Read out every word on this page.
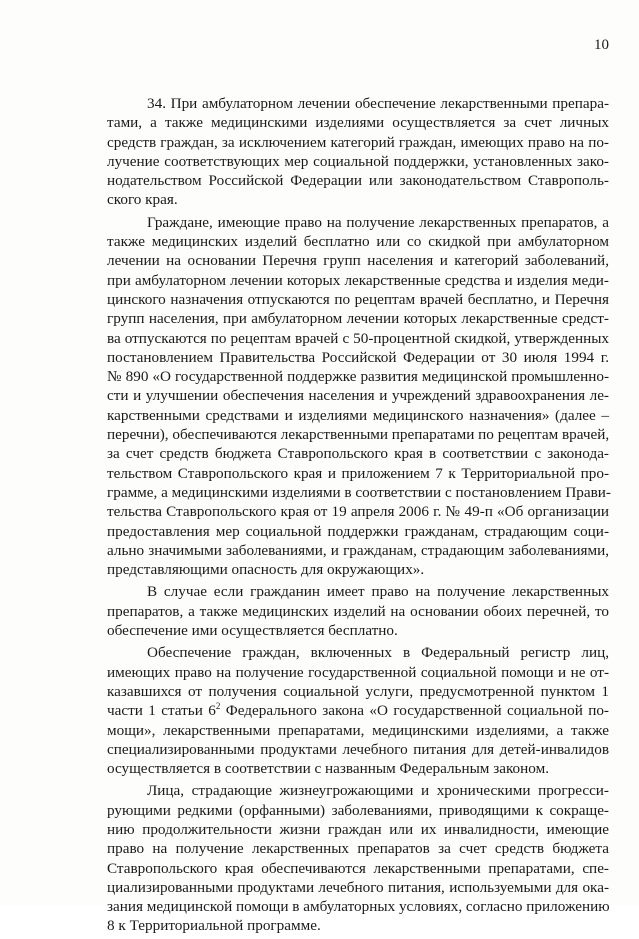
10
34. При амбулаторном лечении обеспечение лекарственными препара-
тами, а также медицинскими изделиями осуществляется за счет личных
средств граждан, за исключением категорий граждан, имеющих право на по-
лучение соответствующих мер социальной поддержки, установленных зако-
нодательством Российской Федерации или законодательством Ставрополь-
ского края.
Гражданe, имеющие право на получение лекарственных препаратов, а
также медицинских изделий бесплатно или со скидкой при амбулаторном
лечении на основании Перечня групп населения и категорий заболеваний,
при амбулаторном лечении которых лекарственные средства и изделия меди-
цинского назначения отпускаются по рецептам врачей бесплатно, и Перечня
групп населения, при амбулаторном лечении которых лекарственные средст-
ва отпускаются по рецептам врачей с 50-процентной скидкой, утвержденных
постановлением Правительства Российской Федерации от 30 июля 1994 г.
№ 890 «О государственной поддержке развития медицинской промышленно-
сти и улучшении обеспечения населения и учреждений здравоохранения ле-
карственными средствами и изделиями медицинского назначения» (далее –
перечни), обеспечиваются лекарственными препаратами по рецептам врачей,
за счет средств бюджета Ставропольского края в соответствии с законода-
тельством Ставропольского края и приложением 7 к Территориальной про-
грамме, а медицинскими изделиями в соответствии с постановлением Прави-
тельства Ставропольского края от 19 апреля 2006 г. № 49-п «Об организации
предоставления мер социальной поддержки гражданам, страдающим соци-
ально значимыми заболеваниями, и гражданам, страдающим заболеваниями,
представляющими опасность для окружающих».
В случае если гражданин имеет право на получение лекарственных
препаратов, а также медицинских изделий на основании обоих перечней, то
обеспечение ими осуществляется бесплатно.
Обеспечение граждан, включенных в Федеральный регистр лиц,
имеющих право на получение государственной социальной помощи и не от-
казавшихся от получения социальной услуги, предусмотренной пунктом 1
части 1 статьи $6^2$ Федерального закона «О государственной социальной по-
мощи», лекарственными препаратами, медицинскими изделиями, а также
специализированными продуктами лечебного питания для детей-инвалидов
осуществляется в соответствии с названным Федеральным законом.
Лица, страдающие жизнеугрожающими и хроническими прогресси-
рующими редкими (орфанными) заболеваниями, приводящими к сокраще-
нию продолжительности жизни граждан или их инвалидности, имеющие
право на получение лекарственных препаратов за счет средств бюджета
Ставропольского края обеспечиваются лекарственными препаратами, спе-
циализированными продуктами лечебного питания, используемыми для ока-
зания медицинской помощи в амбулаторных условиях, согласно приложению
8 к Территориальной программе.
